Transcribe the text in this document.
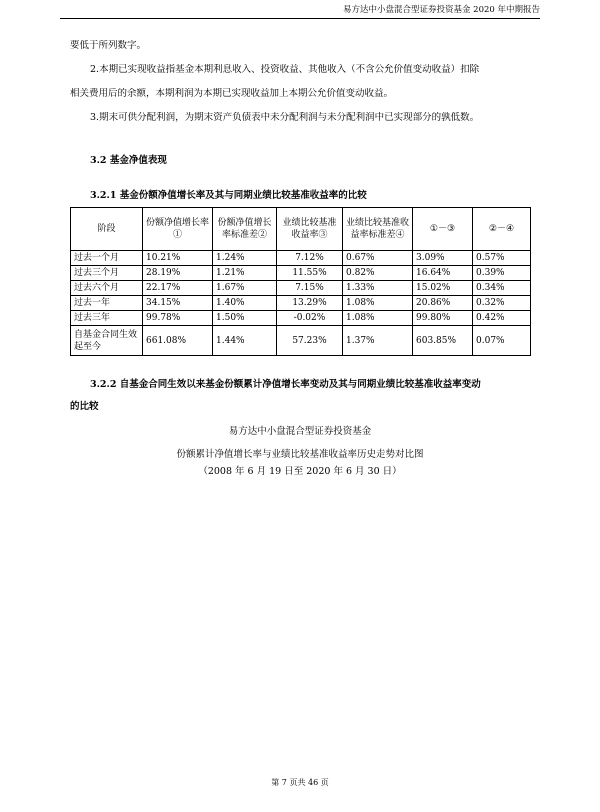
易方达中小盘混合型证券投资基金 2020 年中期报告
要低于所列数字。
2.本期已实现收益指基金本期利息收入、投资收益、其他收入（不含公允价值变动收益）扣除
相关费用后的余额，本期利润为本期已实现收益加上本期公允价值变动收益。
3.期末可供分配利润，为期末资产负债表中未分配利润与未分配利润中已实现部分的孰低数。
3.2 基金净值表现
3.2.1 基金份额净值增长率及其与同期业绩比较基准收益率的比较
阶段	份额净值增长率①	份额净值增长率标准差②	业绩比较基准收益率③	业绩比较基准收益率标准差④	①－③	②－④
过去一个月	10.21%	1.24%	7.12%	0.67%	3.09%	0.57%
过去三个月	28.19%	1.21%	11.55%	0.82%	16.64%	0.39%
过去六个月	22.17%	1.67%	7.15%	1.33%	15.02%	0.34%
过去一年	34.15%	1.40%	13.29%	1.08%	20.86%	0.32%
过去三年	99.78%	1.50%	-0.02%	1.08%	99.80%	0.42%
自基金合同生效起至今	661.08%	1.44%	57.23%	1.37%	603.85%	0.07%
3.2.2 自基金合同生效以来基金份额累计净值增长率变动及其与同期业绩比较基准收益率变动
的比较
易方达中小盘混合型证券投资基金
份额累计净值增长率与业绩比较基准收益率历史走势对比图
（2008 年 6 月 19 日至 2020 年 6 月 30 日）
第 7 页共 46 页
